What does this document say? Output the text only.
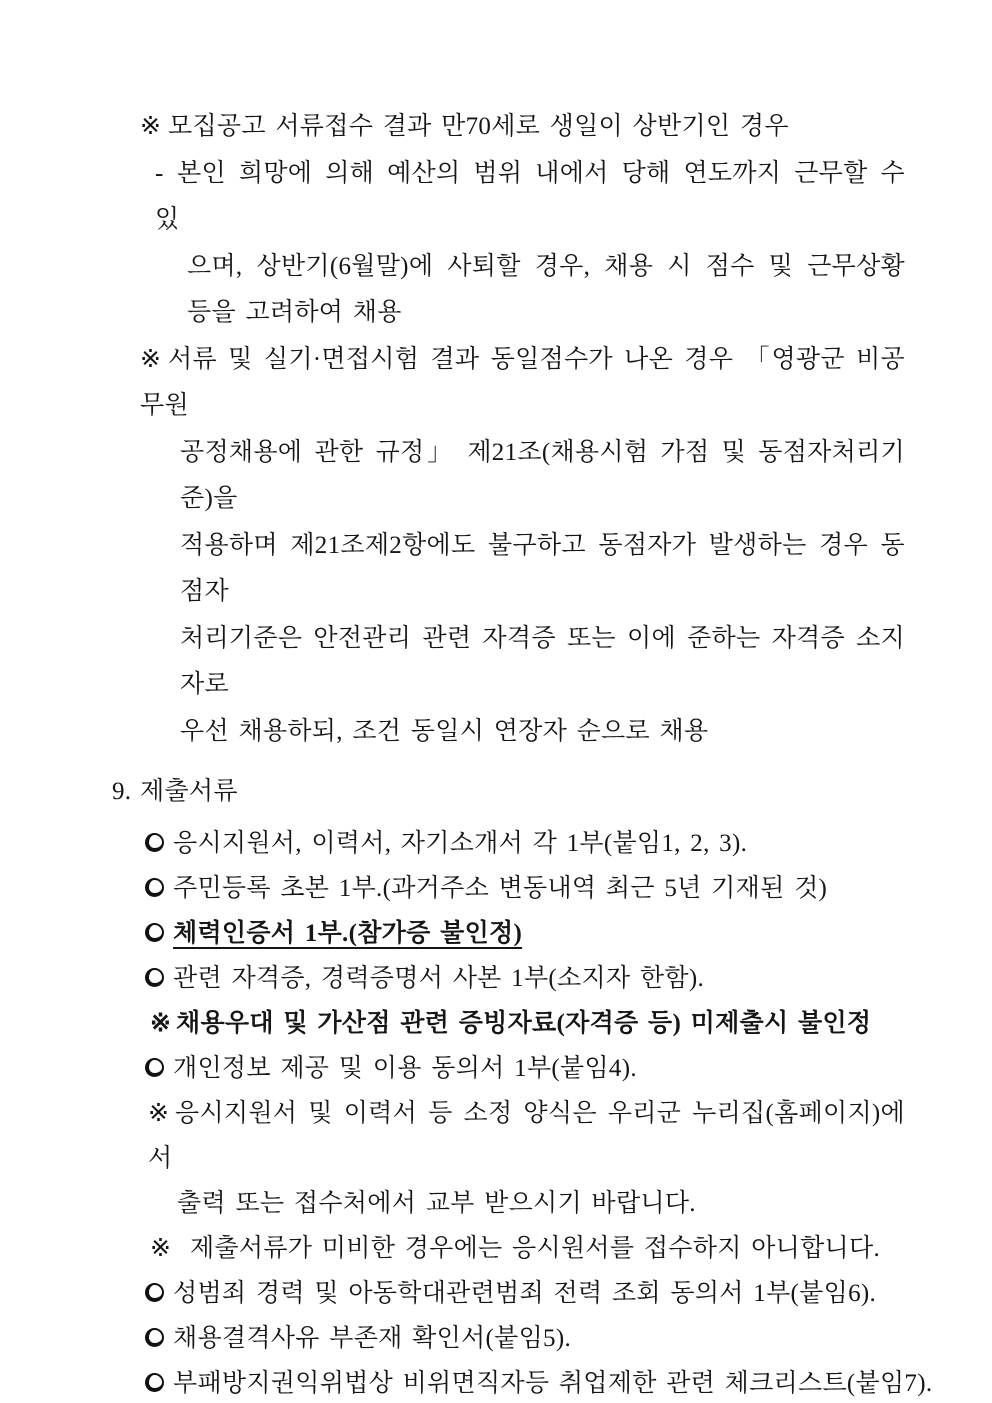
※ 모집공고 서류접수 결과 만70세로 생일이 상반기인 경우
- 본인 희망에 의해 예산의 범위 내에서 당해 연도까지 근무할 수 있
으며, 상반기(6월말)에 사퇴할 경우, 채용 시 점수 및 근무상황
등을 고려하여 채용
※ 서류 및 실기·면접시험 결과 동일점수가 나온 경우 「영광군 비공무원
공정채용에 관한 규정」 제21조(채용시험 가점 및 동점자처리기준)을
적용하며 제21조제2항에도 불구하고 동점자가 발생하는 경우 동점자
처리기준은 안전관리 관련 자격증 또는 이에 준하는 자격증 소지자로
우선 채용하되, 조건 동일시 연장자 순으로 채용
9. 제출서류
응시지원서, 이력서, 자기소개서 각 1부(붙임1, 2, 3).
주민등록 초본 1부.(과거주소 변동내역 최근 5년 기재된 것)
체력인증서 1부.(참가증 불인정)
관련 자격증, 경력증명서 사본 1부(소지자 한함).
※ 채용우대 및 가산점 관련 증빙자료(자격증 등) 미제출시 불인정
개인정보 제공 및 이용 동의서 1부(붙임4).
※ 응시지원서 및 이력서 등 소정 양식은 우리군 누리집(홈페이지)에서
출력 또는 접수처에서 교부 받으시기 바랍니다.
※ 제출서류가 미비한 경우에는 응시원서를 접수하지 아니합니다.
성범죄 경력 및 아동학대관련범죄 전력 조회 동의서 1부(붙임6).
채용결격사유 부존재 확인서(붙임5).
부패방지권익위법상 비위면직자등 취업제한 관련 체크리스트(붙임7).
